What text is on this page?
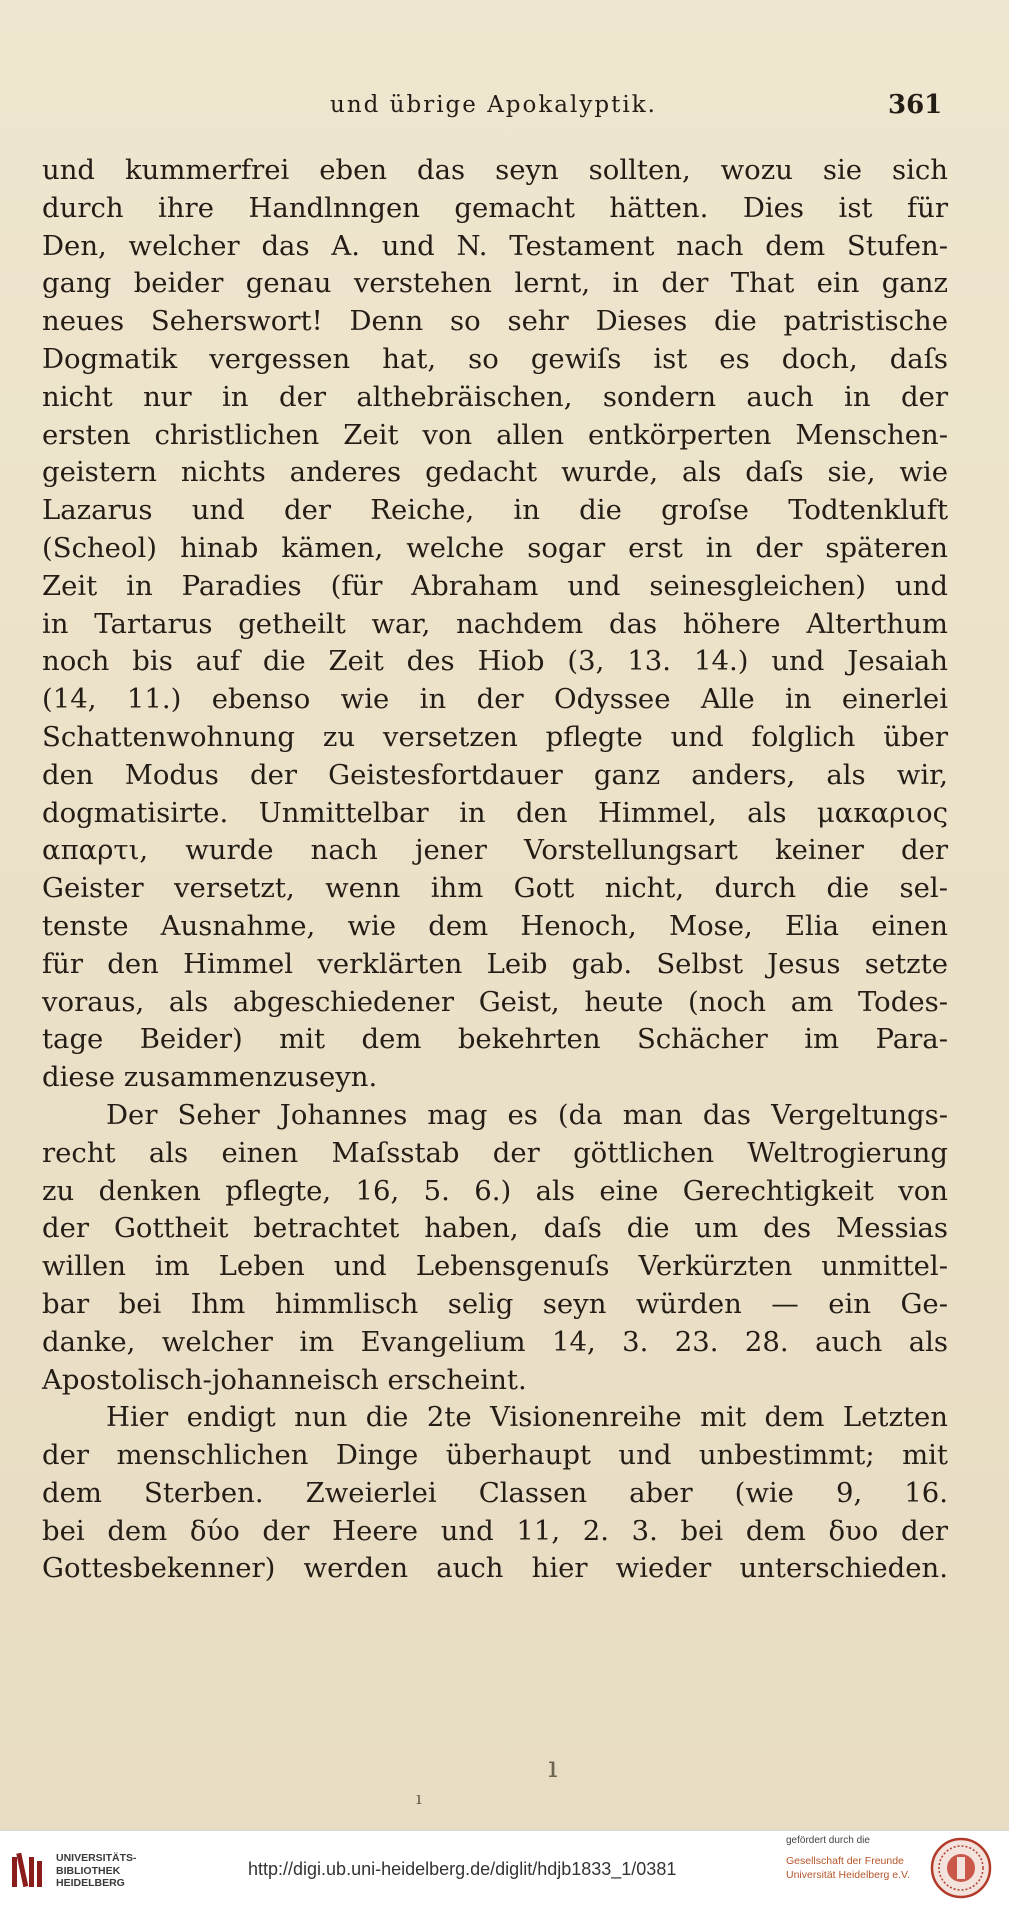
und übrige Apokalyptik.	361
und kummerfrei eben das seyn sollten, wozu sie sich
durch ihre Handlnngen gemacht hätten. Dies ist für
Den, welcher das A. und N. Testament nach dem Stufen-
gang beider genau verstehen lernt, in der That ein ganz
neues Seherswort! Denn so sehr Dieses die patristische
Dogmatik vergessen hat, so gewiſs ist es doch, daſs
nicht nur in der althebräischen, sondern auch in der
ersten christlichen Zeit von allen entkörperten Menschen-
geistern nichts anderes gedacht wurde, als daſs sie, wie
Lazarus und der Reiche, in die groſse Todtenkluft
(Scheol) hinab kämen, welche sogar erst in der späteren
Zeit in Paradies (für Abraham und seinesgleichen) und
in Tartarus getheilt war, nachdem das höhere Alterthum
noch bis auf die Zeit des Hiob (3, 13. 14.) und Jesaiah
(14, 11.) ebenso wie in der Odyssee Alle in einerlei
Schattenwohnung zu versetzen pflegte und folglich über
den Modus der Geistesfortdauer ganz anders, als wir,
dogmatisirte. Unmittelbar in den Himmel, als μακαριος
απαρτι, wurde nach jener Vorstellungsart keiner der
Geister versetzt, wenn ihm Gott nicht, durch die sel-
tenste Ausnahme, wie dem Henoch, Mose, Elia einen
für den Himmel verklärten Leib gab. Selbst Jesus setzte
voraus, als abgeschiedener Geist, heute (noch am Todes-
tage Beider) mit dem bekehrten Schächer im Para-
diese zusammenzuseyn.
Der Seher Johannes mag es (da man das Vergeltungs-
recht als einen Maſsstab der göttlichen Weltrogierung
zu denken pflegte, 16, 5. 6.) als eine Gerechtigkeit von
der Gottheit betrachtet haben, daſs die um des Messias
willen im Leben und Lebensgenuſs Verkürzten unmittel-
bar bei Ihm himmlisch selig seyn würden — ein Ge-
danke, welcher im Evangelium 14, 3. 23. 28. auch als
Apostolisch-johanneisch erscheint.
Hier endigt nun die 2te Visionenreihe mit dem Letzten
der menschlichen Dinge überhaupt und unbestimmt; mit
dem Sterben. Zweierlei Classen aber (wie 9, 16.
bei dem δύο der Heere und 11, 2. 3. bei dem δυο der
Gottesbekenner) werden auch hier wieder unterschieden.
ı
ı
UNIVERSITÄTS-
BIBLIOTHEK
HEIDELBERG
http://digi.ub.uni-heidelberg.de/diglit/hdjb1833_1/0381
gefördert durch die
Gesellschaft der Freunde
Universität Heidelberg e.V.
